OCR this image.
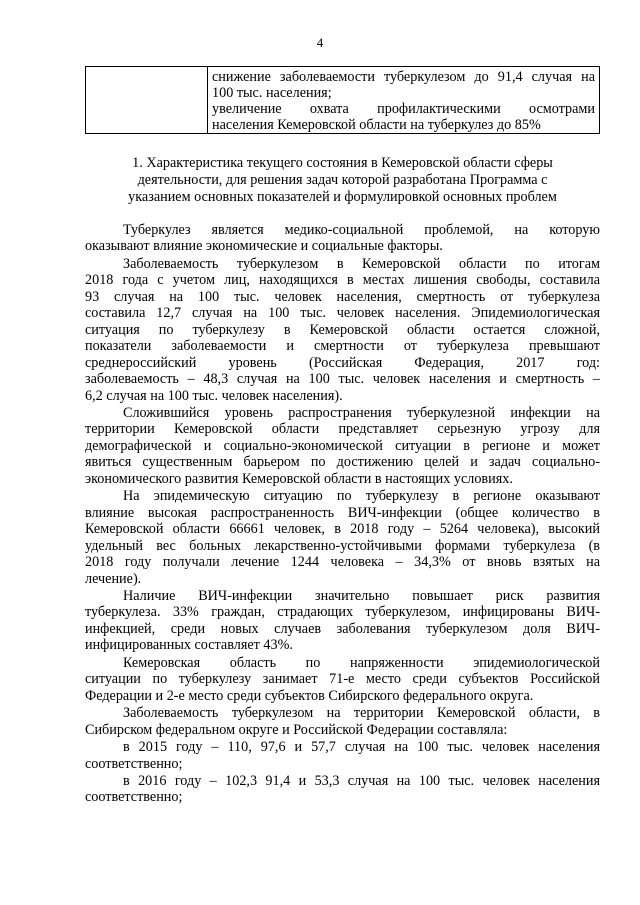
4

снижение заболеваемости туберкулезом до 91,4 случая на
100 тыс. населения;
увеличение охвата профилактическими осмотрами
населения Кемеровской области на туберкулез до 85%
1. Характеристика текущего состояния в Кемеровской области сферы
деятельности, для решения задач которой разработана Программа с
указанием основных показателей и формулировкой основных проблем
Туберкулез является медико-социальной проблемой, на которую
оказывают влияние экономические и социальные факторы.
Заболеваемость туберкулезом в Кемеровской области по итогам
2018 года с учетом лиц, находящихся в местах лишения свободы, составила
93 случая на 100 тыс. человек населения, смертность от туберкулеза
составила 12,7 случая на 100 тыс. человек населения. Эпидемиологическая
ситуация по туберкулезу в Кемеровской области остается сложной,
показатели заболеваемости и смертности от туберкулеза превышают
среднероссийский уровень (Российская Федерация, 2017 год:
заболеваемость – 48,3 случая на 100 тыс. человек населения и смертность –
6,2 случая на 100 тыс. человек населения).
Сложившийся уровень распространения туберкулезной инфекции на
территории Кемеровской области представляет серьезную угрозу для
демографической и социально-экономической ситуации в регионе и может
явиться существенным барьером по достижению целей и задач социально-
экономического развития Кемеровской области в настоящих условиях.
На эпидемическую ситуацию по туберкулезу в регионе оказывают
влияние высокая распространенность ВИЧ-инфекции (общее количество в
Кемеровской области 66661 человек, в 2018 году – 5264 человека), высокий
удельный вес больных лекарственно-устойчивыми формами туберкулеза (в
2018 году получали лечение 1244 человека – 34,3% от вновь взятых на
лечение).
Наличие ВИЧ-инфекции значительно повышает риск развития
туберкулеза. 33% граждан, страдающих туберкулезом, инфицированы ВИЧ-
инфекцией, среди новых случаев заболевания туберкулезом доля ВИЧ-
инфицированных составляет 43%.
Кемеровская область по напряженности эпидемиологической
ситуации по туберкулезу занимает 71-е место среди субъектов Российской
Федерации и 2-е место среди субъектов Сибирского федерального округа.
Заболеваемость туберкулезом на территории Кемеровской области, в
Сибирском федеральном округе и Российской Федерации составляла:
в 2015 году – 110, 97,6 и 57,7 случая на 100 тыс. человек населения
соответственно;
в 2016 году – 102,3 91,4 и 53,3 случая на 100 тыс. человек населения
соответственно;
